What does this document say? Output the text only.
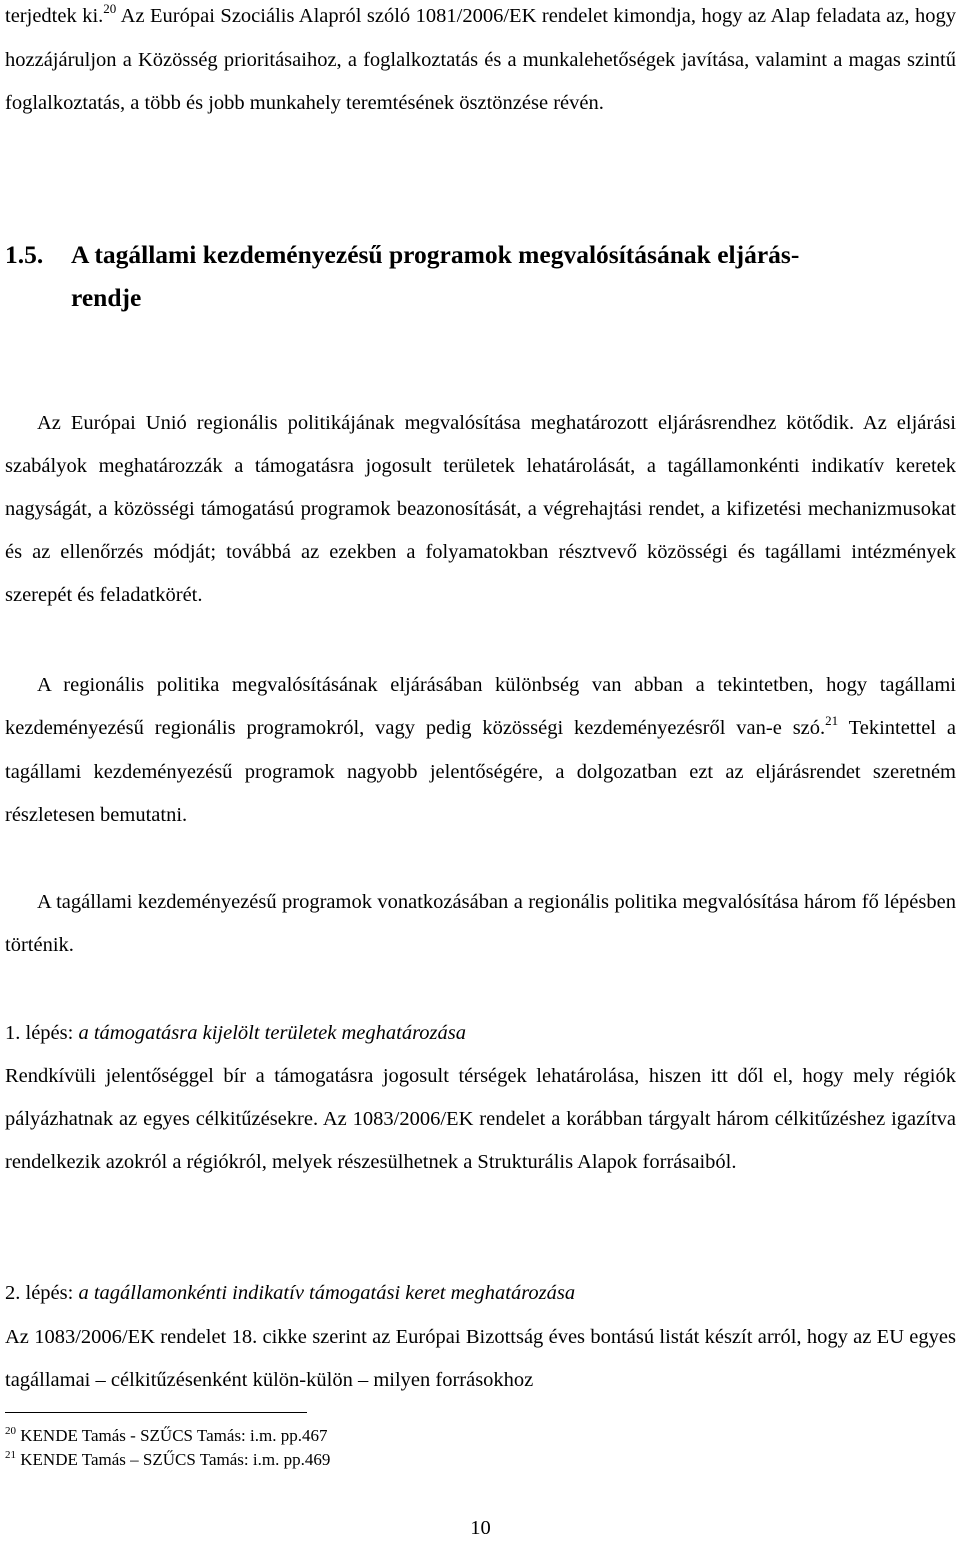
terjedtek ki.$^{20}$ Az Európai Szociális Alapról szóló 1081/2006/EK rendelet kimondja, hogy az Alap feladata az, hogy hozzájáruljon a Közösség prioritásaihoz, a foglalkoztatás és a munkalehetőségek javítása, valamint a magas szintű foglalkoztatás, a több és jobb munkahely teremtésének ösztönzése révén.

1.5. A tagállami kezdeményezésű programok megvalósításának eljárás-
rendje

Az Európai Unió regionális politikájának megvalósítása meghatározott eljárásrendhez kötődik. Az eljárási szabályok meghatározzák a támogatásra jogosult területek lehatárolását, a tagállamonkénti indikatív keretek nagyságát, a közösségi támogatású programok beazonosítását, a végrehajtási rendet, a kifizetési mechanizmusokat és az ellenőrzés módját; továbbá az ezekben a folyamatokban résztvevő közösségi és tagállami intézmények szerepét és feladatkörét.

A regionális politika megvalósításának eljárásában különbség van abban a tekintetben, hogy tagállami kezdeményezésű regionális programokról, vagy pedig közösségi kezdeményezésről van-e szó.$^{21}$ Tekintettel a tagállami kezdeményezésű programok nagyobb jelentőségére, a dolgozatban ezt az eljárásrendet szeretném részletesen bemutatni.

A tagállami kezdeményezésű programok vonatkozásában a regionális politika megvalósítása három fő lépésben történik.

1. lépés: a támogatásra kijelölt területek meghatározása

Rendkívüli jelentőséggel bír a támogatásra jogosult térségek lehatárolása, hiszen itt dől el, hogy mely régiók pályázhatnak az egyes célkitűzésekre. Az 1083/2006/EK rendelet a korábban tárgyalt három célkitűzéshez igazítva rendelkezik azokról a régiókról, melyek részesülhetnek a Strukturális Alapok forrásaiból.

2. lépés: a tagállamonkénti indikatív támogatási keret meghatározása

Az 1083/2006/EK rendelet 18. cikke szerint az Európai Bizottság éves bontású listát készít arról, hogy az EU egyes tagállamai – célkitűzésenként külön-külön – milyen forrásokhoz

$^{20}$ KENDE Tamás - SZŰCS Tamás: i.m. pp.467

$^{21}$ KENDE Tamás – SZŰCS Tamás: i.m. pp.469

10
